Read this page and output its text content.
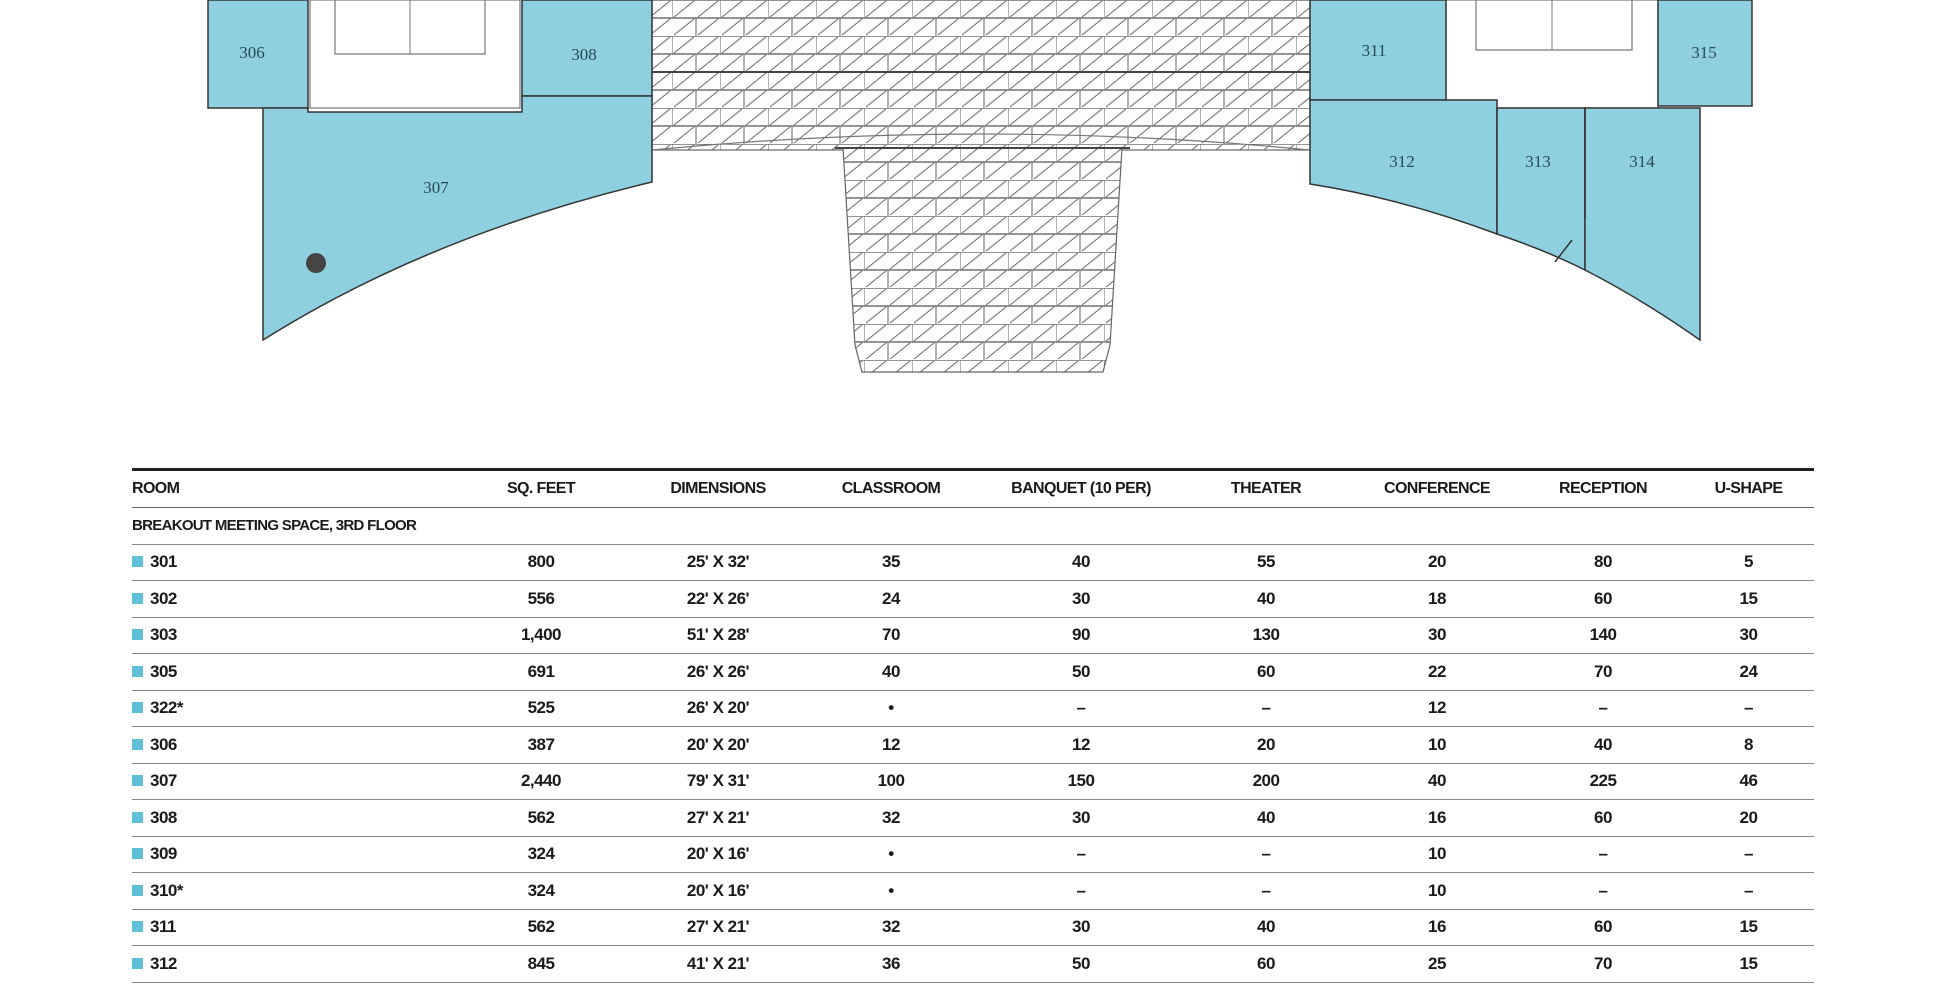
306	308
307
311	315
312	313	314
ROOM	SQ. FEET	DIMENSIONS	CLASSROOM	BANQUET (10 PER)	THEATER	CONFERENCE	RECEPTION	U-SHAPE
BREAKOUT MEETING SPACE, 3RD FLOOR								
301	800	25' X 32'	35	40	55	20	80	5
302	556	22' X 26'	24	30	40	18	60	15
303	1,400	51' X 28'	70	90	130	30	140	30
305	691	26' X 26'	40	50	60	22	70	24
322*	525	26' X 20'	•	–	–	12	–	–
306	387	20' X 20'	12	12	20	10	40	8
307	2,440	79' X 31'	100	150	200	40	225	46
308	562	27' X 21'	32	30	40	16	60	20
309	324	20' X 16'	•	–	–	10	–	–
310*	324	20' X 16'	•	–	–	10	–	–
311	562	27' X 21'	32	30	40	16	60	15
312	845	41' X 21'	36	50	60	25	70	15
